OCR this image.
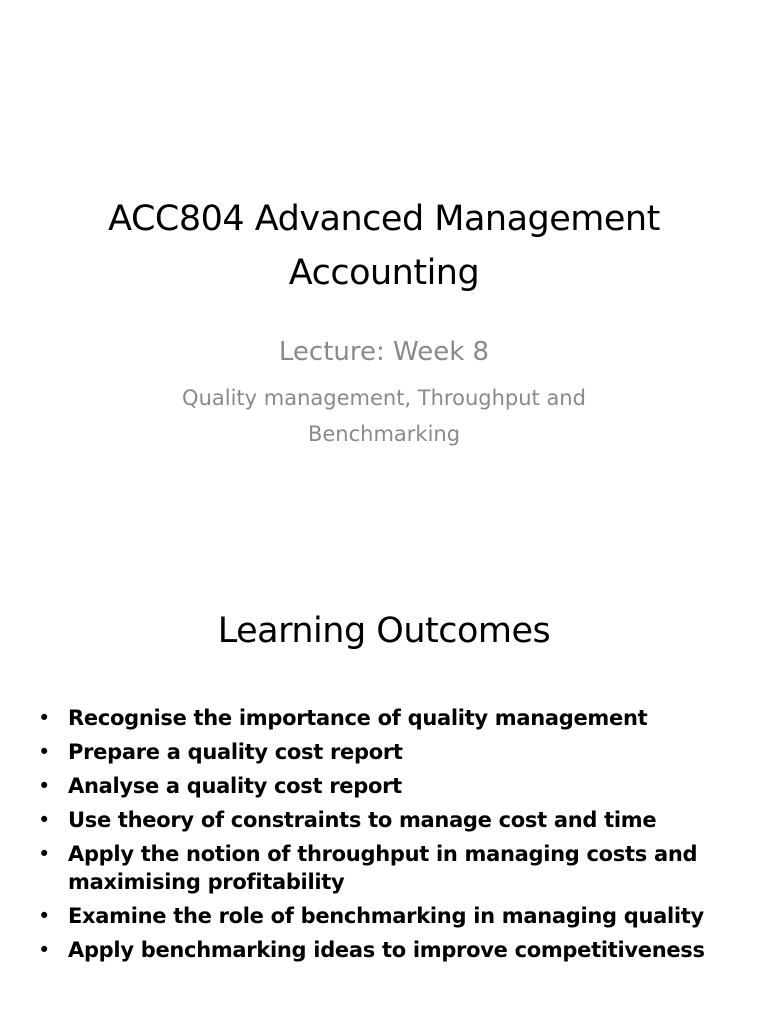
ACC804 Advanced Management
Accounting
Lecture: Week 8
Quality management, Throughput and
Benchmarking
Learning Outcomes
• Recognise the importance of quality management
• Prepare a quality cost report
• Analyse a quality cost report
• Use theory of constraints to manage cost and time
• Apply the notion of throughput in managing costs and maximising profitability
• Examine the role of benchmarking in managing quality
• Apply benchmarking ideas to improve competitiveness
